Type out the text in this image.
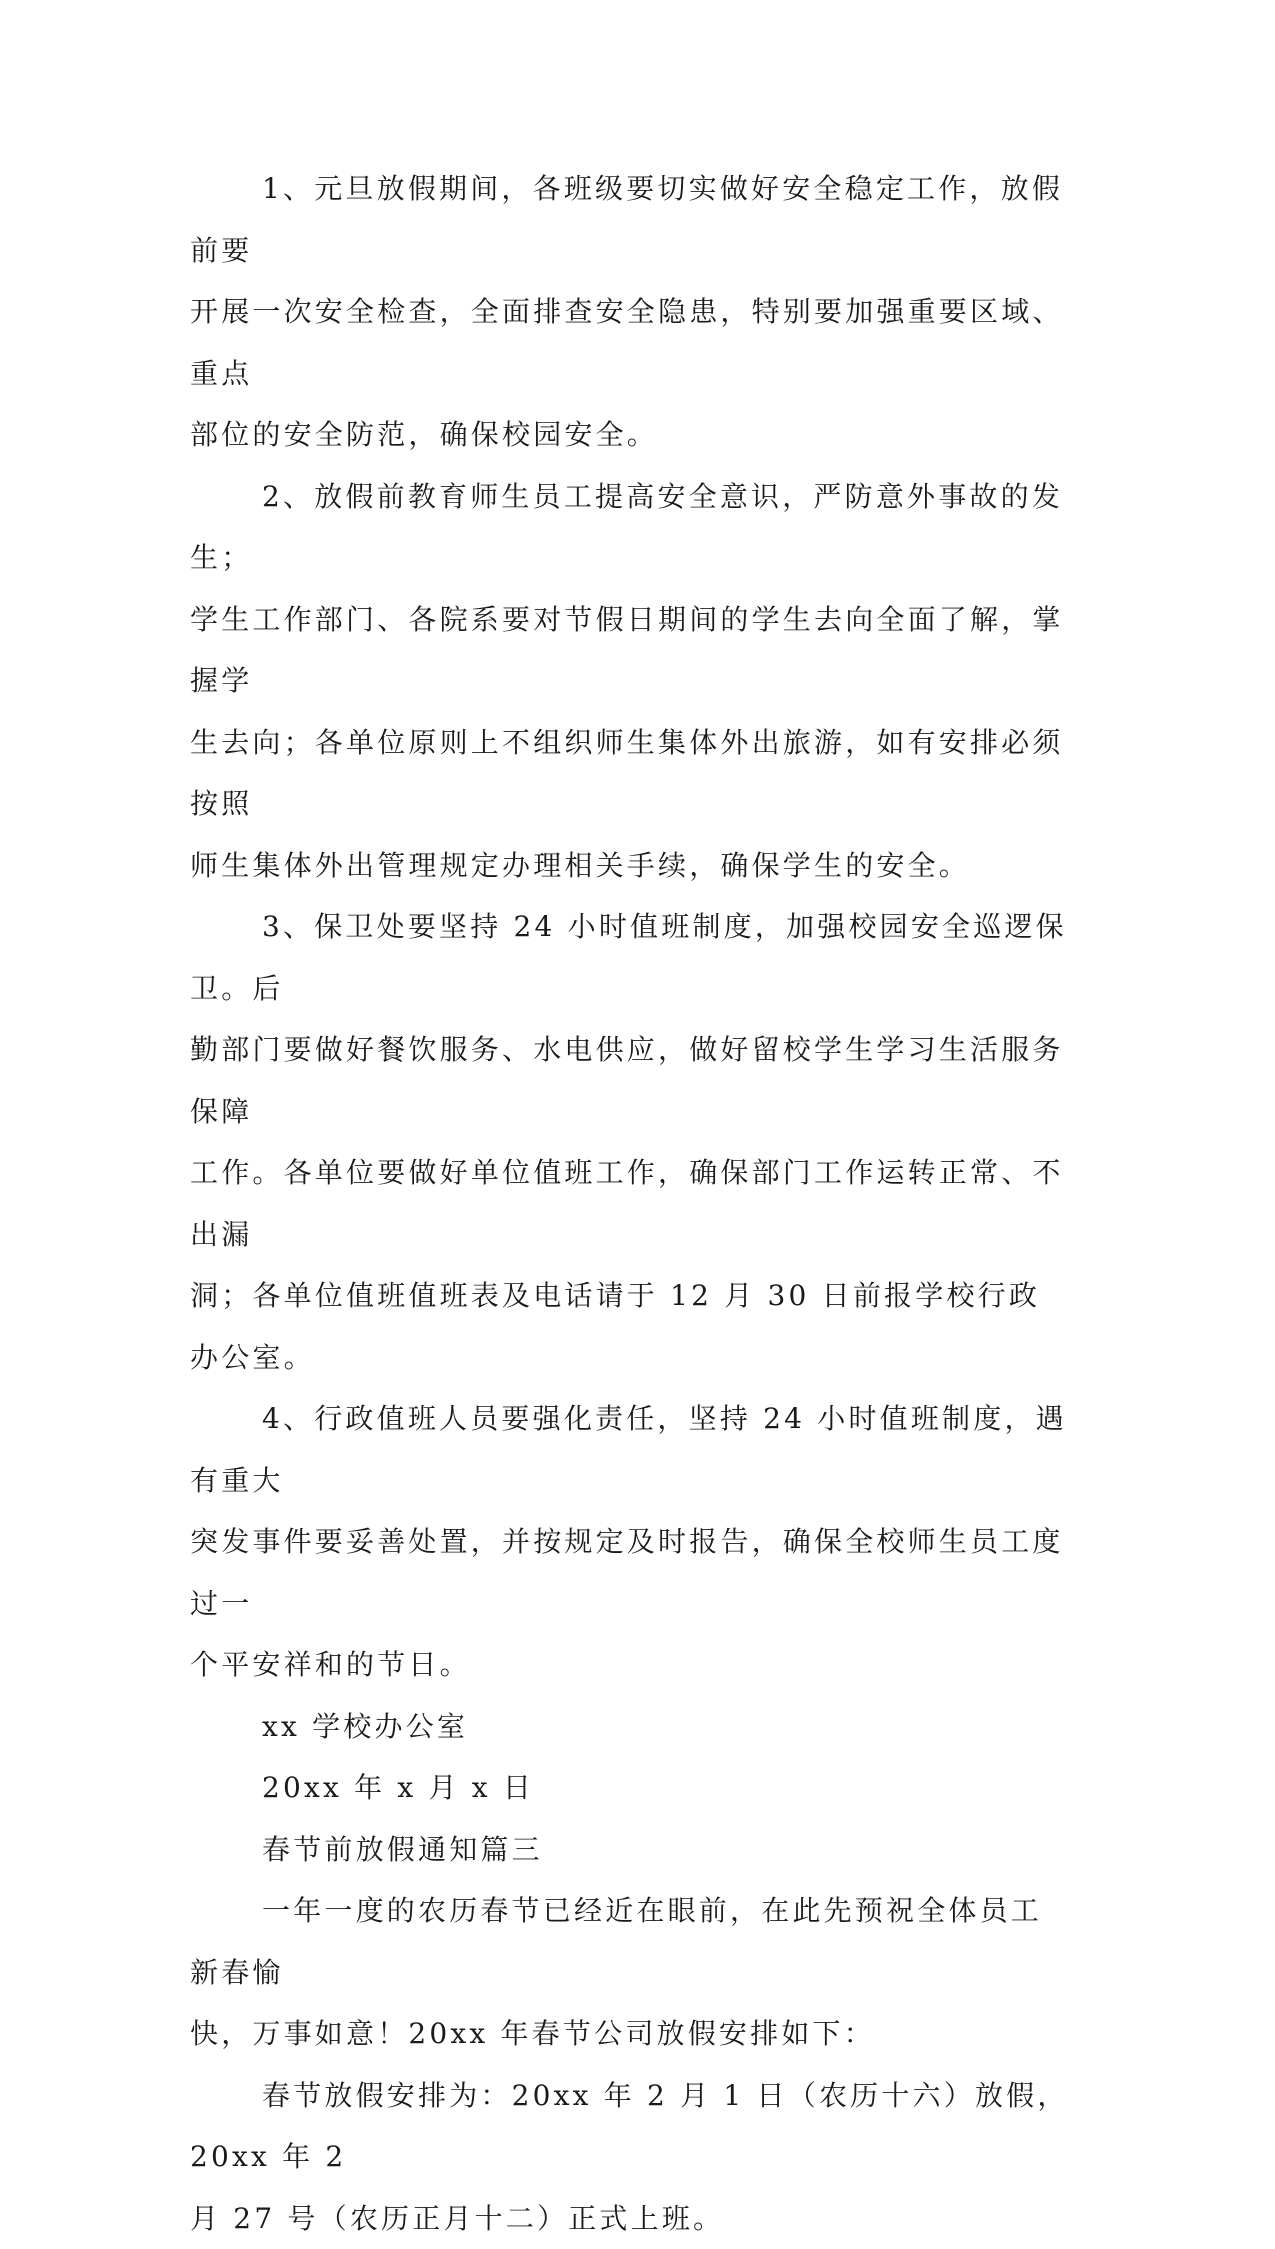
1、元旦放假期间，各班级要切实做好安全稳定工作，放假前要
开展一次安全检查，全面排查安全隐患，特别要加强重要区域、重点
部位的安全防范，确保校园安全。

2、放假前教育师生员工提高安全意识，严防意外事故的发生；
学生工作部门、各院系要对节假日期间的学生去向全面了解，掌握学
生去向；各单位原则上不组织师生集体外出旅游，如有安排必须按照
师生集体外出管理规定办理相关手续，确保学生的安全。

3、保卫处要坚持 24 小时值班制度，加强校园安全巡逻保卫。后
勤部门要做好餐饮服务、水电供应，做好留校学生学习生活服务保障
工作。各单位要做好单位值班工作，确保部门工作运转正常、不出漏
洞；各单位值班值班表及电话请于 12 月 30 日前报学校行政办公室。

4、行政值班人员要强化责任，坚持 24 小时值班制度，遇有重大
突发事件要妥善处置，并按规定及时报告，确保全校师生员工度过一
个平安祥和的节日。

xx 学校办公室

20xx 年 x 月 x 日

春节前放假通知篇三

一年一度的农历春节已经近在眼前，在此先预祝全体员工新春愉
快，万事如意！20xx 年春节公司放假安排如下：

春节放假安排为：20xx 年 2 月 1 日（农历十六）放假，20xx 年 2
月 27 号（农历正月十二）正式上班。
